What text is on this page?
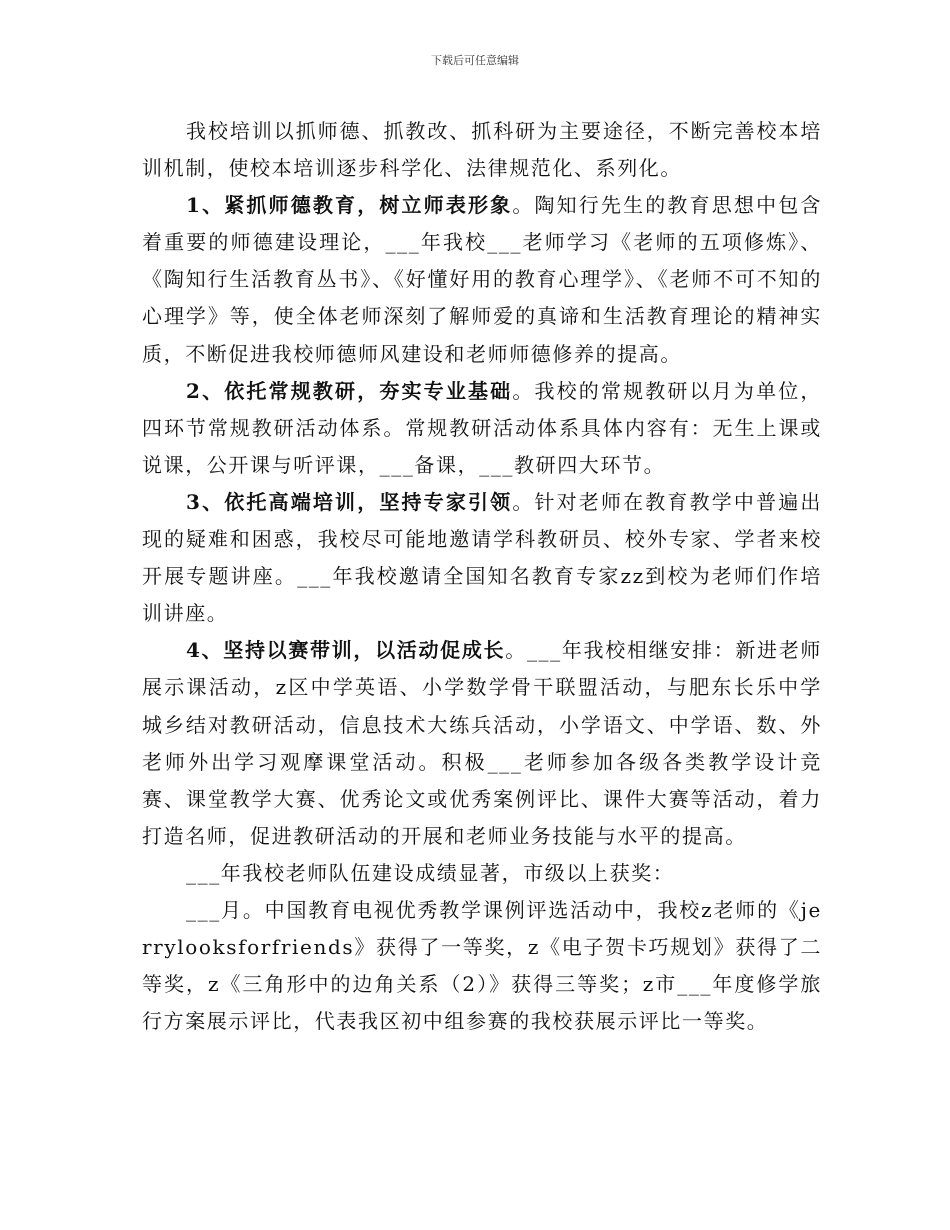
下载后可任意编辑

我校培训以抓师德、抓教改、抓科研为主要途径，不断完善校本培训机制，使校本培训逐步科学化、法律规范化、系列化。

1、紧抓师德教育，树立师表形象。陶知行先生的教育思想中包含着重要的师德建设理论，___年我校___老师学习《老师的五项修炼》、《陶知行生活教育丛书》、《好懂好用的教育心理学》、《老师不可不知的心理学》等，使全体老师深刻了解师爱的真谛和生活教育理论的精神实质，不断促进我校师德师风建设和老师师德修养的提高。

2、依托常规教研，夯实专业基础。我校的常规教研以月为单位，四环节常规教研活动体系。常规教研活动体系具体内容有：无生上课或说课，公开课与听评课，___备课，___教研四大环节。

3、依托高端培训，坚持专家引领。针对老师在教育教学中普遍出现的疑难和困惑，我校尽可能地邀请学科教研员、校外专家、学者来校开展专题讲座。___年我校邀请全国知名教育专家zz到校为老师们作培训讲座。

4、坚持以赛带训，以活动促成长。___年我校相继安排：新进老师展示课活动，z区中学英语、小学数学骨干联盟活动，与肥东长乐中学城乡结对教研活动，信息技术大练兵活动，小学语文、中学语、数、外老师外出学习观摩课堂活动。积极___老师参加各级各类教学设计竞赛、课堂教学大赛、优秀论文或优秀案例评比、课件大赛等活动，着力打造名师，促进教研活动的开展和老师业务技能与水平的提高。

___年我校老师队伍建设成绩显著，市级以上获奖：

___月。中国教育电视优秀教学课例评选活动中，我校z老师的《jerrylooksforfriends》获得了一等奖，z《电子贺卡巧规划》获得了二等奖，z《三角形中的边角关系（2）》获得三等奖；z市___年度修学旅行方案展示评比，代表我区初中组参赛的我校获展示评比一等奖。
